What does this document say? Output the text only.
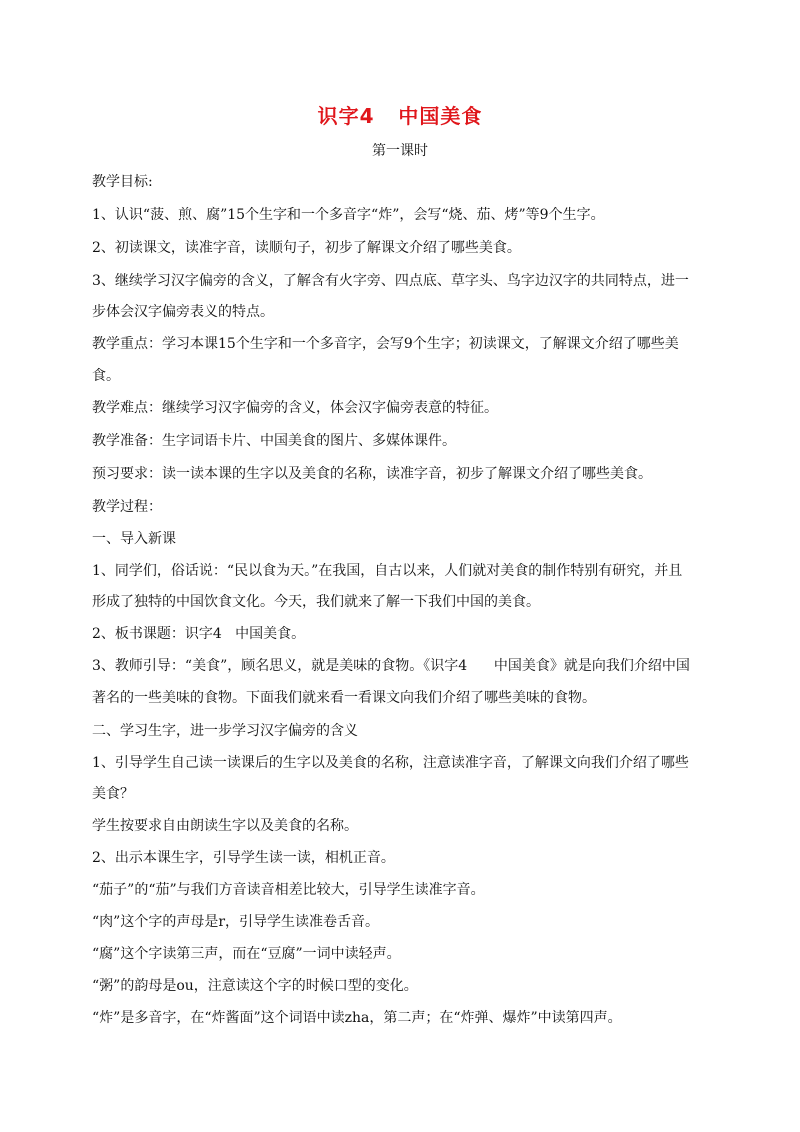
识字4   中国美食
第一课时
教学目标:
1、认识“菠、煎、腐”15个生字和一个多音字“炸”，会写“烧、茄、烤”等9个生字。
2、初读课文，读准字音，读顺句子，初步了解课文介绍了哪些美食。
3、继续学习汉字偏旁的含义，了解含有火字旁、四点底、草字头、鸟字边汉字的共同特点，进一
步体会汉字偏旁表义的特点。
教学重点：学习本课15个生字和一个多音字，会写9个生字；初读课文，了解课文介绍了哪些美
食。
教学难点：继续学习汉字偏旁的含义，体会汉字偏旁表意的特征。
教学准备：生字词语卡片、中国美食的图片、多媒体课件。
预习要求：读一读本课的生字以及美食的名称，读准字音，初步了解课文介绍了哪些美食。
教学过程：
一、导入新课
1、同学们，俗话说：“民以食为天。”在我国，自古以来，人们就对美食的制作特别有研究，并且
形成了独特的中国饮食文化。今天，我们就来了解一下我们中国的美食。
2、板书课题：识字4   中国美食。
3、教师引导：“美食”，顾名思义，就是美味的食物。《识字4      中国美食》就是向我们介绍中国
著名的一些美味的食物。下面我们就来看一看课文向我们介绍了哪些美味的食物。
二、学习生字，进一步学习汉字偏旁的含义
1、引导学生自己读一读课后的生字以及美食的名称，注意读准字音，了解课文向我们介绍了哪些
美食？
学生按要求自由朗读生字以及美食的名称。
2、出示本课生字，引导学生读一读，相机正音。
“茄子”的“茄”与我们方音读音相差比较大，引导学生读准字音。
“肉”这个字的声母是r，引导学生读准卷舌音。
“腐”这个字读第三声，而在“豆腐”一词中读轻声。
“粥”的韵母是ou，注意读这个字的时候口型的变化。
“炸”是多音字，在“炸酱面”这个词语中读zha，第二声；在“炸弹、爆炸”中读第四声。
